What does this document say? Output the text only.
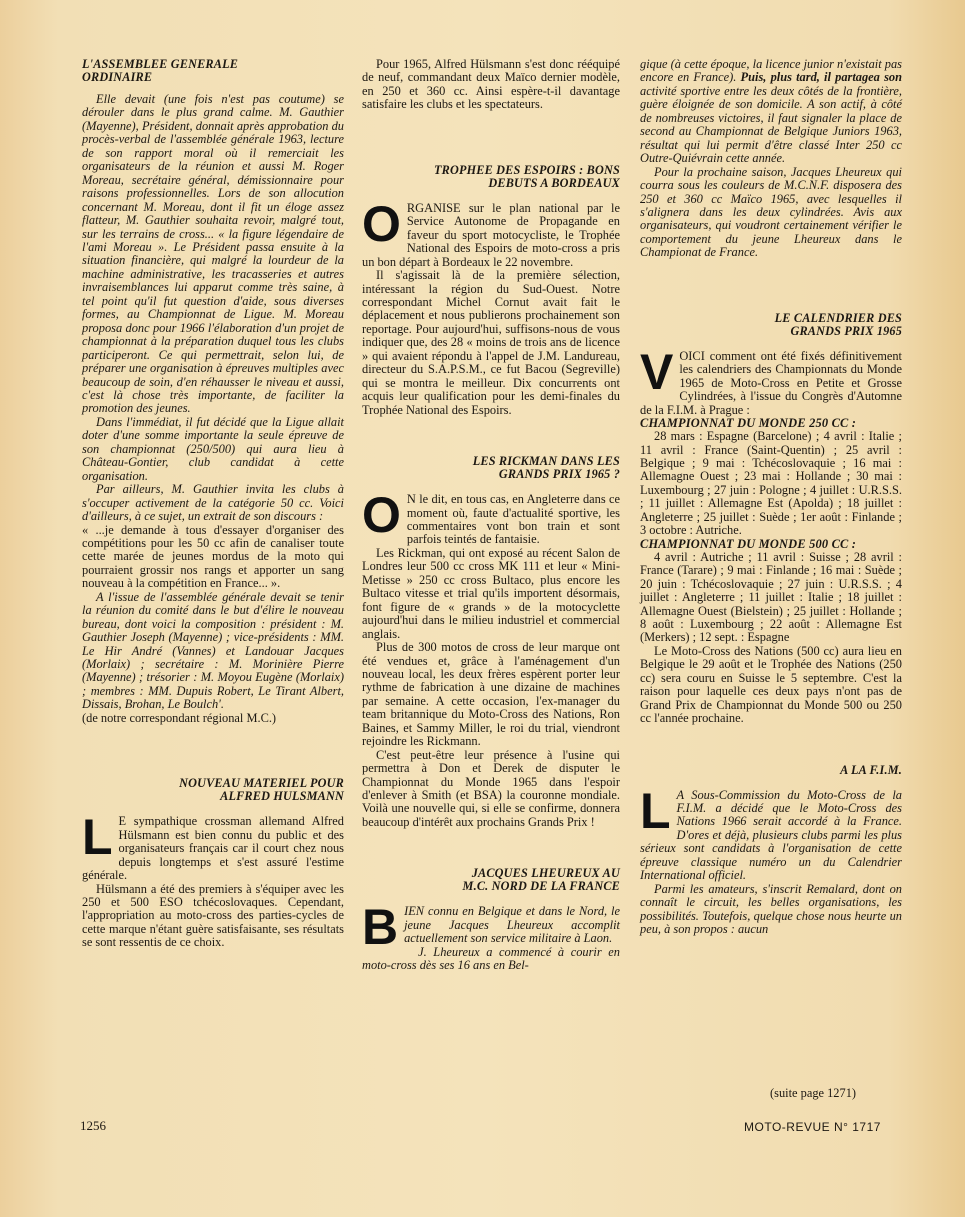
L'ASSEMBLEE GENERALE ORDINAIRE

Elle devait (une fois n'est pas coutume) se dérouler dans le plus grand calme. M. Gauthier (Mayenne), Président, donnait après approbation du procès-verbal de l'assemblée générale 1963, lecture de son rapport moral où il remerciait les organisateurs de la réunion et aussi M. Roger Moreau, secrétaire général, démissionnaire pour raisons professionnelles. Lors de son allocution concernant M. Moreau, dont il fit un éloge assez flatteur, M. Gauthier souhaita revoir, malgré tout, sur les terrains de cross... « la figure légendaire de l'ami Moreau ». Le Président passa ensuite à la situation financière, qui malgré la lourdeur de la machine administrative, les tracasseries et autres invraisemblances lui apparut comme très saine, à tel point qu'il fut question d'aide, sous diverses formes, au Championnat de Ligue. M. Moreau proposa donc pour 1966 l'élaboration d'un projet de championnat à la préparation duquel tous les clubs participeront. Ce qui permettrait, selon lui, de préparer une organisation à épreuves multiples avec beaucoup de soin, d'en réhausser le niveau et aussi, c'est là chose très importante, de faciliter la promotion des jeunes.

Dans l'immédiat, il fut décidé que la Ligue allait doter d'une somme importante la seule épreuve de son championnat (250/500) qui aura lieu à Château-Gontier, club candidat à cette organisation.

Par ailleurs, M. Gauthier invita les clubs à s'occuper activement de la catégorie 50 cc. Voici d'ailleurs, à ce sujet, un extrait de son discours :

« ...je demande à tous d'essayer d'organiser des compétitions pour les 50 cc afin de canaliser toute cette marée de jeunes mordus de la moto qui pourraient grossir nos rangs et apporter un sang nouveau à la compétition en France... ».

A l'issue de l'assemblée générale devait se tenir la réunion du comité dans le but d'élire le nouveau bureau, dont voici la composition : président : M. Gauthier Joseph (Mayenne) ; vice-présidents : MM. Le Hir André (Vannes) et Landouar Jacques (Morlaix) ; secrétaire : M. Morinière Pierre (Mayenne) ; trésorier : M. Moyou Eugène (Morlaix) ; membres : MM. Dupuis Robert, Le Tirant Albert, Dissais, Brohan, Le Boulch'.

(de notre correspondant régional M.C.)

NOUVEAU MATERIEL POUR ALFRED HULSMANN
L E sympathique crossman allemand Alfred Hülsmann est bien connu du public et des organisateurs français car il court chez nous depuis longtemps et s'est assuré l'estime générale.

Hülsmann a été des premiers à s'équiper avec les 250 et 500 ESO tchécoslovaques. Cependant, l'appropriation au moto-cross des parties-cycles de cette marque n'étant guère satisfaisante, ses résultats se sont ressentis de ce choix.

Pour 1965, Alfred Hülsmann s'est donc rééquipé de neuf, commandant deux Maïco dernier modèle, en 250 et 360 cc. Ainsi espère-t-il davantage satisfaire les clubs et les spectateurs.

TROPHEE DES ESPOIRS : BONS DEBUTS A BORDEAUX
O RGANISE sur le plan national par le Service Autonome de Propagande en faveur du sport motocycliste, le Trophée National des Espoirs de moto-cross a pris un bon départ à Bordeaux le 22 novembre.

Il s'agissait là de la première sélection, intéressant la région du Sud-Ouest. Notre correspondant Michel Cornut avait fait le déplacement et nous publierons prochainement son reportage. Pour aujourd'hui, suffisons-nous de vous indiquer que, des 28 « moins de trois ans de licence » qui avaient répondu à l'appel de J.M. Landureau, directeur du S.A.P.S.M., ce fut Bacou (Segreville) qui se montra le meilleur. Dix concurrents ont acquis leur qualification pour les demi-finales du Trophée National des Espoirs.

LES RICKMAN DANS LES GRANDS PRIX 1965 ?
O N le dit, en tous cas, en Angleterre dans ce moment où, faute d'actualité sportive, les commentaires vont bon train et sont parfois teintés de fantaisie.

Les Rickman, qui ont exposé au récent Salon de Londres leur 500 cc cross MK 111 et leur « Mini-Metisse » 250 cc cross Bultaco, plus encore les Bultaco vitesse et trial qu'ils importent désormais, font figure de « grands » de la motocyclette aujourd'hui dans le milieu industriel et commercial anglais.

Plus de 300 motos de cross de leur marque ont été vendues et, grâce à l'aménagement d'un nouveau local, les deux frères espèrent porter leur rythme de fabrication à une dizaine de machines par semaine. A cette occasion, l'ex-manager du team britannique du Moto-Cross des Nations, Ron Baines, et Sammy Miller, le roi du trial, viendront rejoindre les Rickmann.

C'est peut-être leur présence à l'usine qui permettra à Don et Derek de disputer le Championnat du Monde 1965 dans l'espoir d'enlever à Smith (et BSA) la couronne mondiale. Voilà une nouvelle qui, si elle se confirme, donnera beaucoup d'intérêt aux prochains Grands Prix !

JACQUES LHEUREUX AU M.C. NORD DE LA FRANCE
B IEN connu en Belgique et dans le Nord, le jeune Jacques Lheureux accomplit actuellement son service militaire à Laon.

J. Lheureux a commencé à courir en moto-cross dès ses 16 ans en Bel-

gique (à cette époque, la licence junior n'existait pas encore en France). Puis, plus tard, il partagea son activité sportive entre les deux côtés de la frontière, guère éloignée de son domicile. A son actif, à côté de nombreuses victoires, il faut signaler la place de second au Championnat de Belgique Juniors 1963, résultat qui lui permit d'être classé Inter 250 cc Outre-Quiévrain cette année.

Pour la prochaine saison, Jacques Lheureux qui courra sous les couleurs de M.C.N.F. disposera des 250 et 360 cc Maïco 1965, avec lesquelles il s'alignera dans les deux cylindrées. Avis aux organisateurs, qui voudront certainement vérifier le comportement du jeune Lheureux dans le Championat de France.

LE CALENDRIER DES GRANDS PRIX 1965
V OICI comment ont été fixés définitivement les calendriers des Championnats du Monde 1965 de Moto-Cross en Petite et Grosse Cylindrées, à l'issue du Congrès d'Automne de la F.I.M. à Prague :

CHAMPIONNAT DU MONDE 250 CC :

28 mars : Espagne (Barcelone) ; 4 avril : Italie ; 11 avril : France (Saint-Quentin) ; 25 avril : Belgique ; 9 mai : Tchécoslovaquie ; 16 mai : Allemagne Ouest ; 23 mai : Hollande ; 30 mai : Luxembourg ; 27 juin : Pologne ; 4 juillet : U.R.S.S. ; 11 juillet : Allemagne Est (Apolda) ; 18 juillet : Angleterre ; 25 juillet : Suède ; 1er août : Finlande ; 3 octobre : Autriche.

CHAMPIONNAT DU MONDE 500 CC :

4 avril : Autriche ; 11 avril : Suisse ; 28 avril : France (Tarare) ; 9 mai : Finlande ; 16 mai : Suède ; 20 juin : Tchécoslovaquie ; 27 juin : U.R.S.S. ; 4 juillet : Angleterre ; 11 juillet : Italie ; 18 juillet : Allemagne Ouest (Bielstein) ; 25 juillet : Hollande ; 8 août : Luxembourg ; 22 août : Allemagne Est (Merkers) ; 12 sept. : Espagne

Le Moto-Cross des Nations (500 cc) aura lieu en Belgique le 29 août et le Trophée des Nations (250 cc) sera couru en Suisse le 5 septembre. C'est la raison pour laquelle ces deux pays n'ont pas de Grand Prix de Championnat du Monde 500 ou 250 cc l'année prochaine.

A LA F.I.M.
L A Sous-Commission du Moto-Cross de la F.I.M. a décidé que le Moto-Cross des Nations 1966 serait accordé à la France. D'ores et déjà, plusieurs clubs parmi les plus sérieux sont candidats à l'organisation de cette épreuve classique numéro un du Calendrier International officiel.

Parmi les amateurs, s'inscrit Remalard, dont on connaît le circuit, les belles organisations, les possibilités. Toutefois, quelque chose nous heurte un peu, à son propos : aucun

(suite page 1271)
1256	MOTO-REVUE N° 1717
